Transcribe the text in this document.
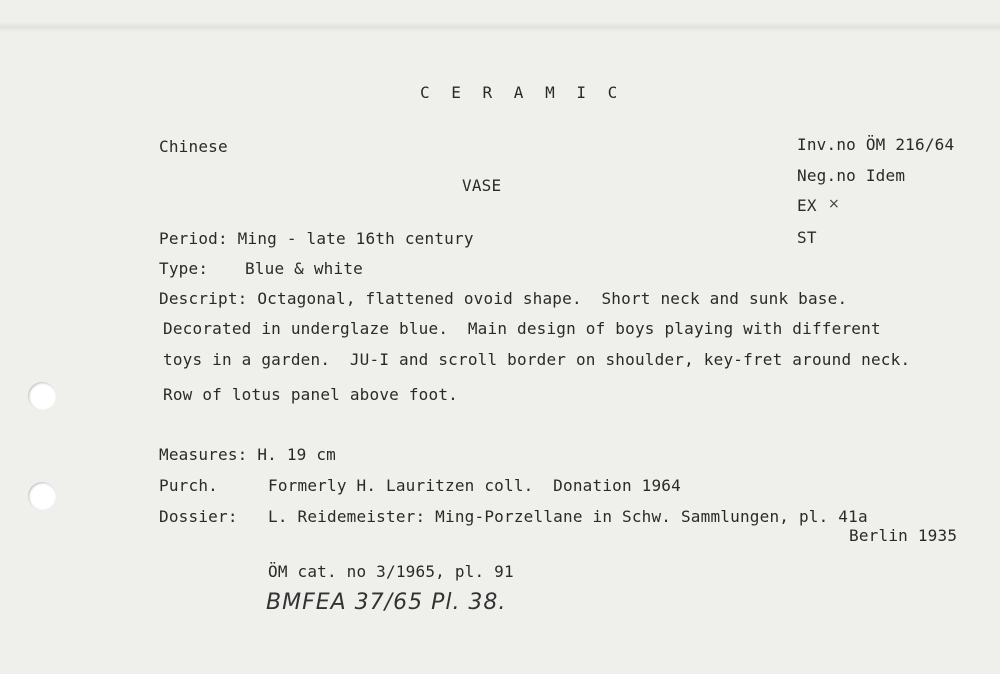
C E R A M I C
Chinese	Inv.no ÖM 216/64
VASE
Neg.no Idem
EX ×
Period: Ming - late 16th century	ST
Type: Blue & white
Descript: Octagonal, flattened ovoid shape.  Short neck and sunk base.
Decorated in underglaze blue.  Main design of boys playing with different
toys in a garden.  JU-I and scroll border on shoulder, key-fret around neck.
Row of lotus panel above foot.
Measures: H. 19 cm
Purch.	Formerly H. Lauritzen coll.  Donation 1964
Dossier: L. Reidemeister: Ming-Porzellane in Schw. Sammlungen, pl. 41a
Berlin 1935
ÖM cat. no 3/1965, pl. 91
BMFEA 37/65 Pl. 38.
